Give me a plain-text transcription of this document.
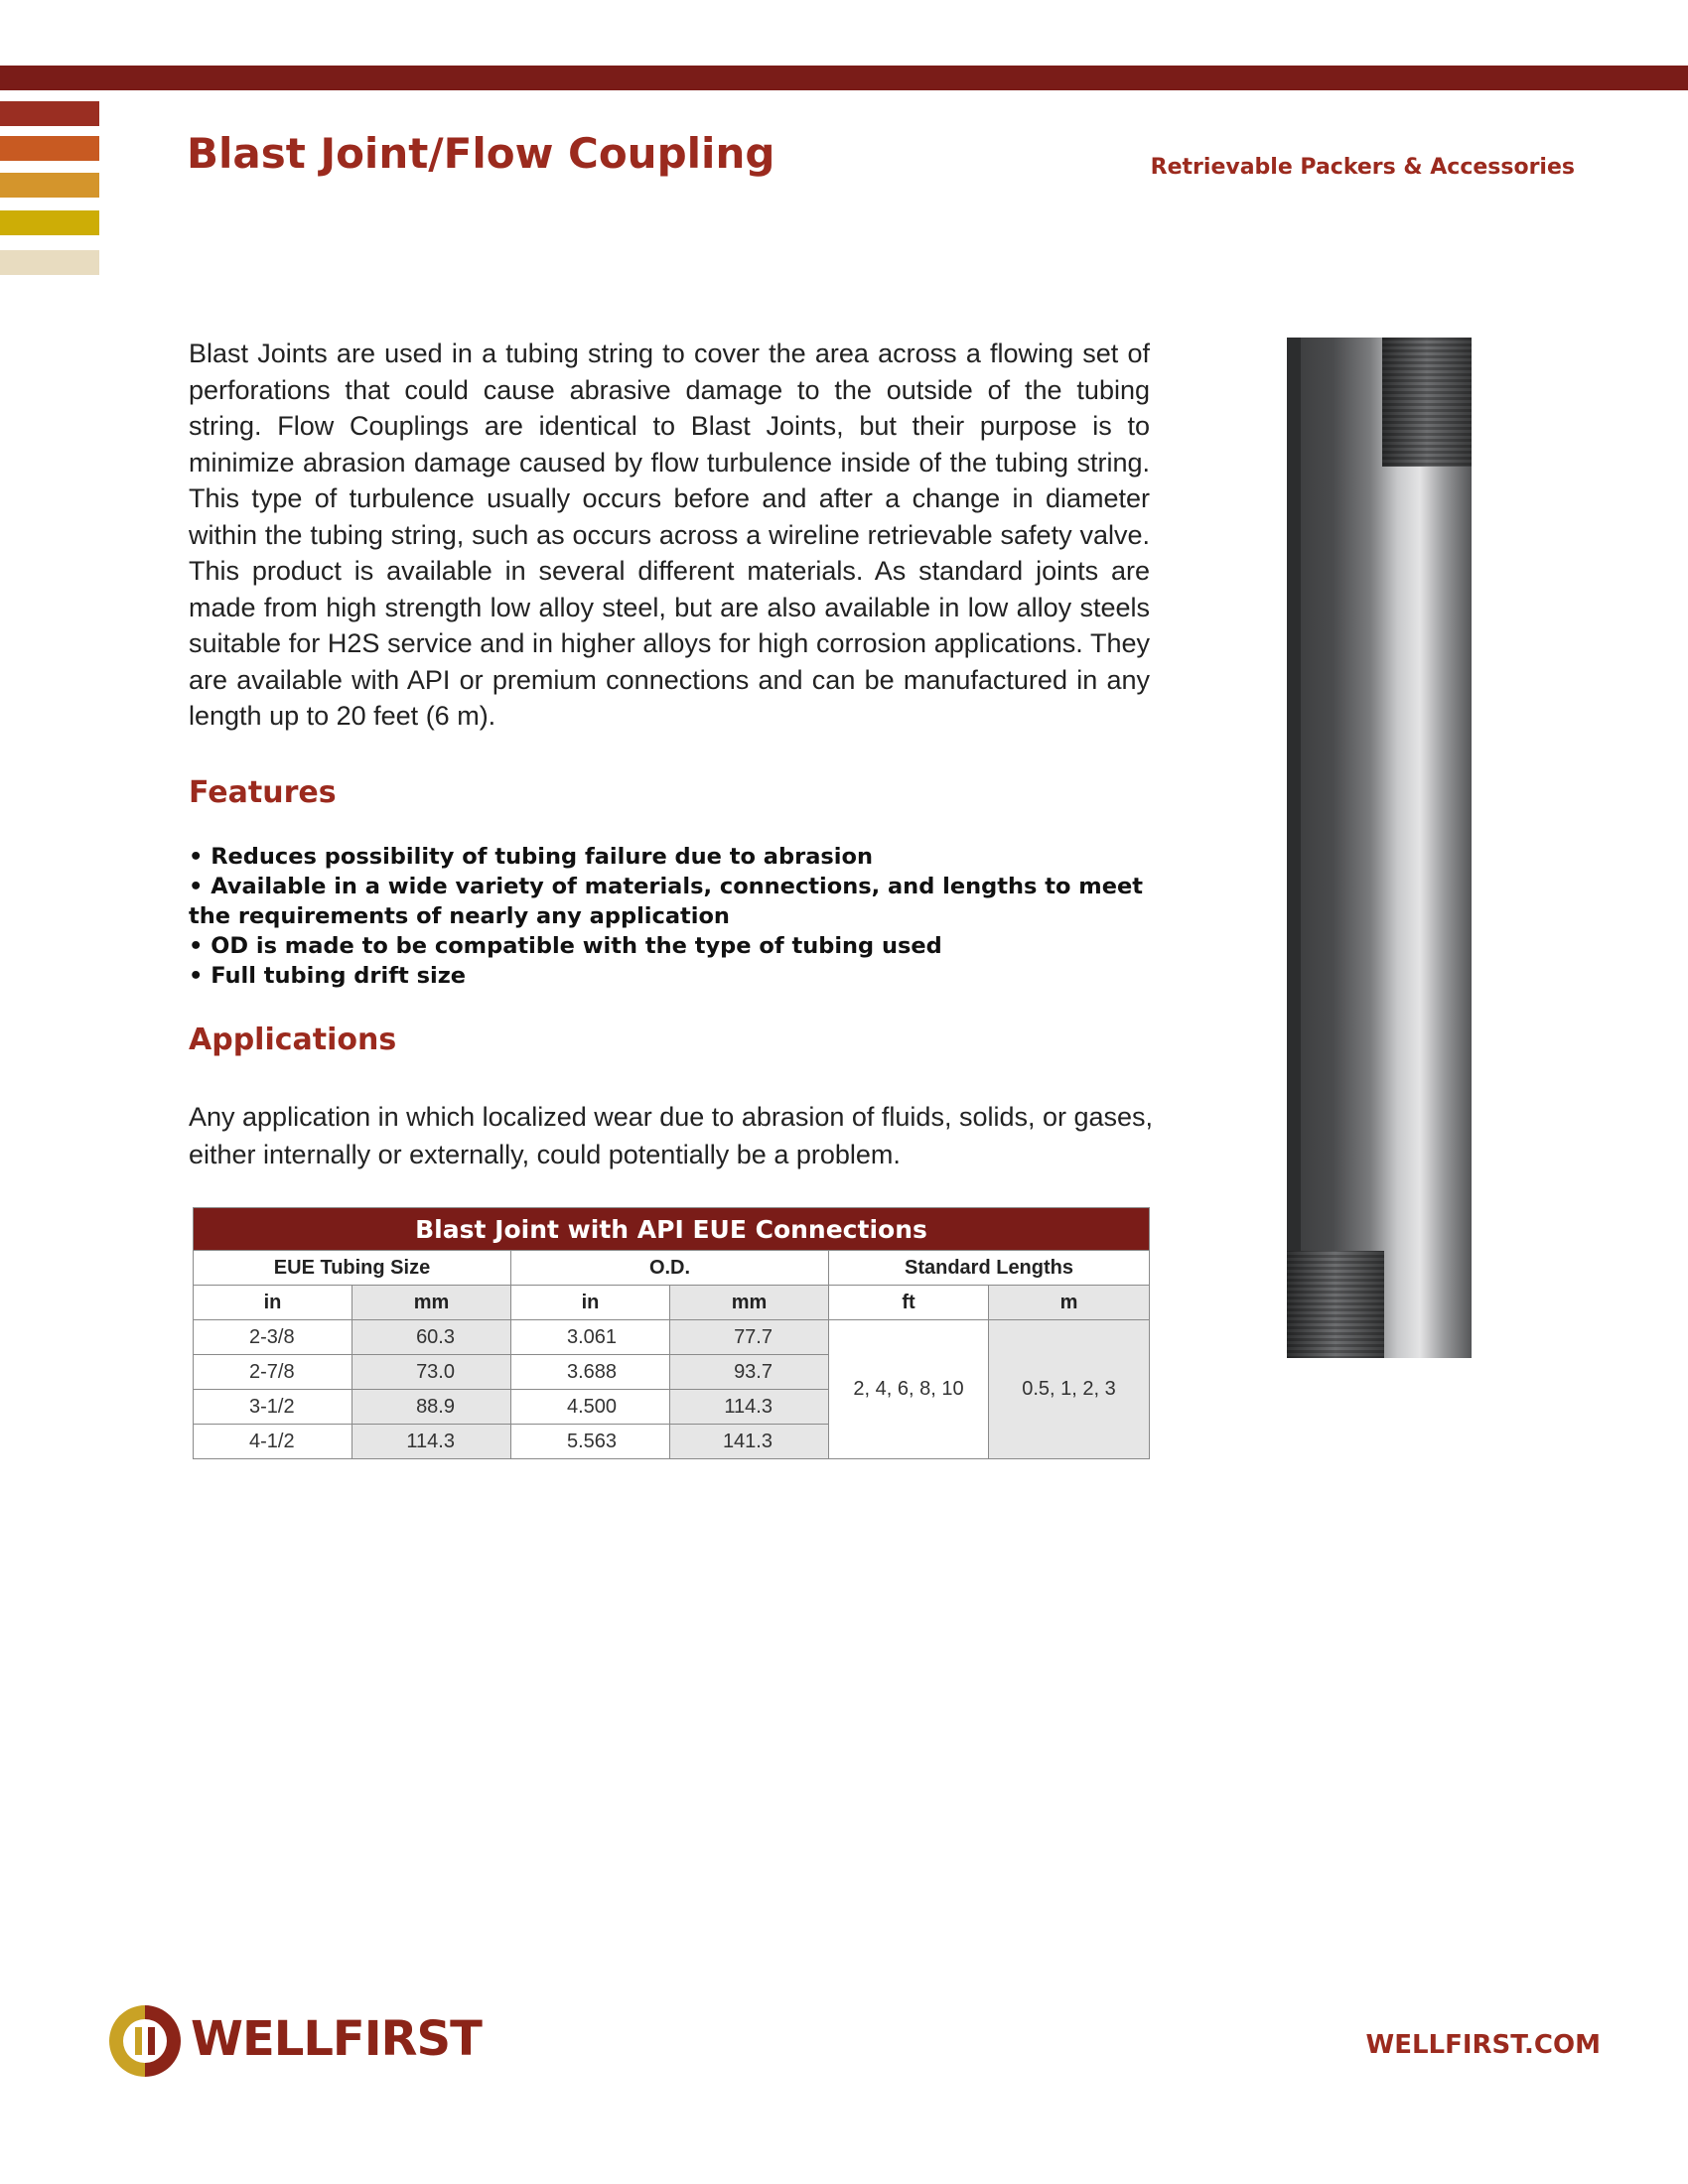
Blast Joint/Flow Coupling	Retrievable Packers & Accessories

Blast Joints are used in a tubing string to cover the area across a flowing set of perforations that could cause abrasive damage to the outside of the tubing string. Flow Couplings are identical to Blast Joints, but their purpose is to minimize abrasion damage caused by flow turbulence inside of the tubing string. This type of turbulence usually occurs before and after a change in diameter within the tubing string, such as occurs across a wireline retrievable safety valve. This product is available in several different materials. As standard joints are made from high strength low alloy steel, but are also available in low alloy steels suitable for H2S service and in higher alloys for high corrosion applications. They are available with API or premium connections and can be manufactured in any length up to 20 feet (6 m).

Features
• Reduces possibility of tubing failure due to abrasion
• Available in a wide variety of materials, connections, and lengths to meet the requirements of nearly any application
• OD is made to be compatible with the type of tubing used
• Full tubing drift size
Applications

Any application in which localized wear due to abrasion of fluids, solids, or gases, either internally or externally, could potentially be a problem.

Blast Joint with API EUE Connections					
EUE Tubing Size		O.D.		Standard Lengths	
in	mm	in	mm	ft	m
2-3/8	60.3	3.061	77.7	2, 4, 6, 8, 10	0.5, 1, 2, 3
2-7/8	73.0	3.688	93.7		
3-1/2	88.9	4.500	114.3		
4-1/2	114.3	5.563	141.3		
WELLFIRST	WELLFIRST.COM
